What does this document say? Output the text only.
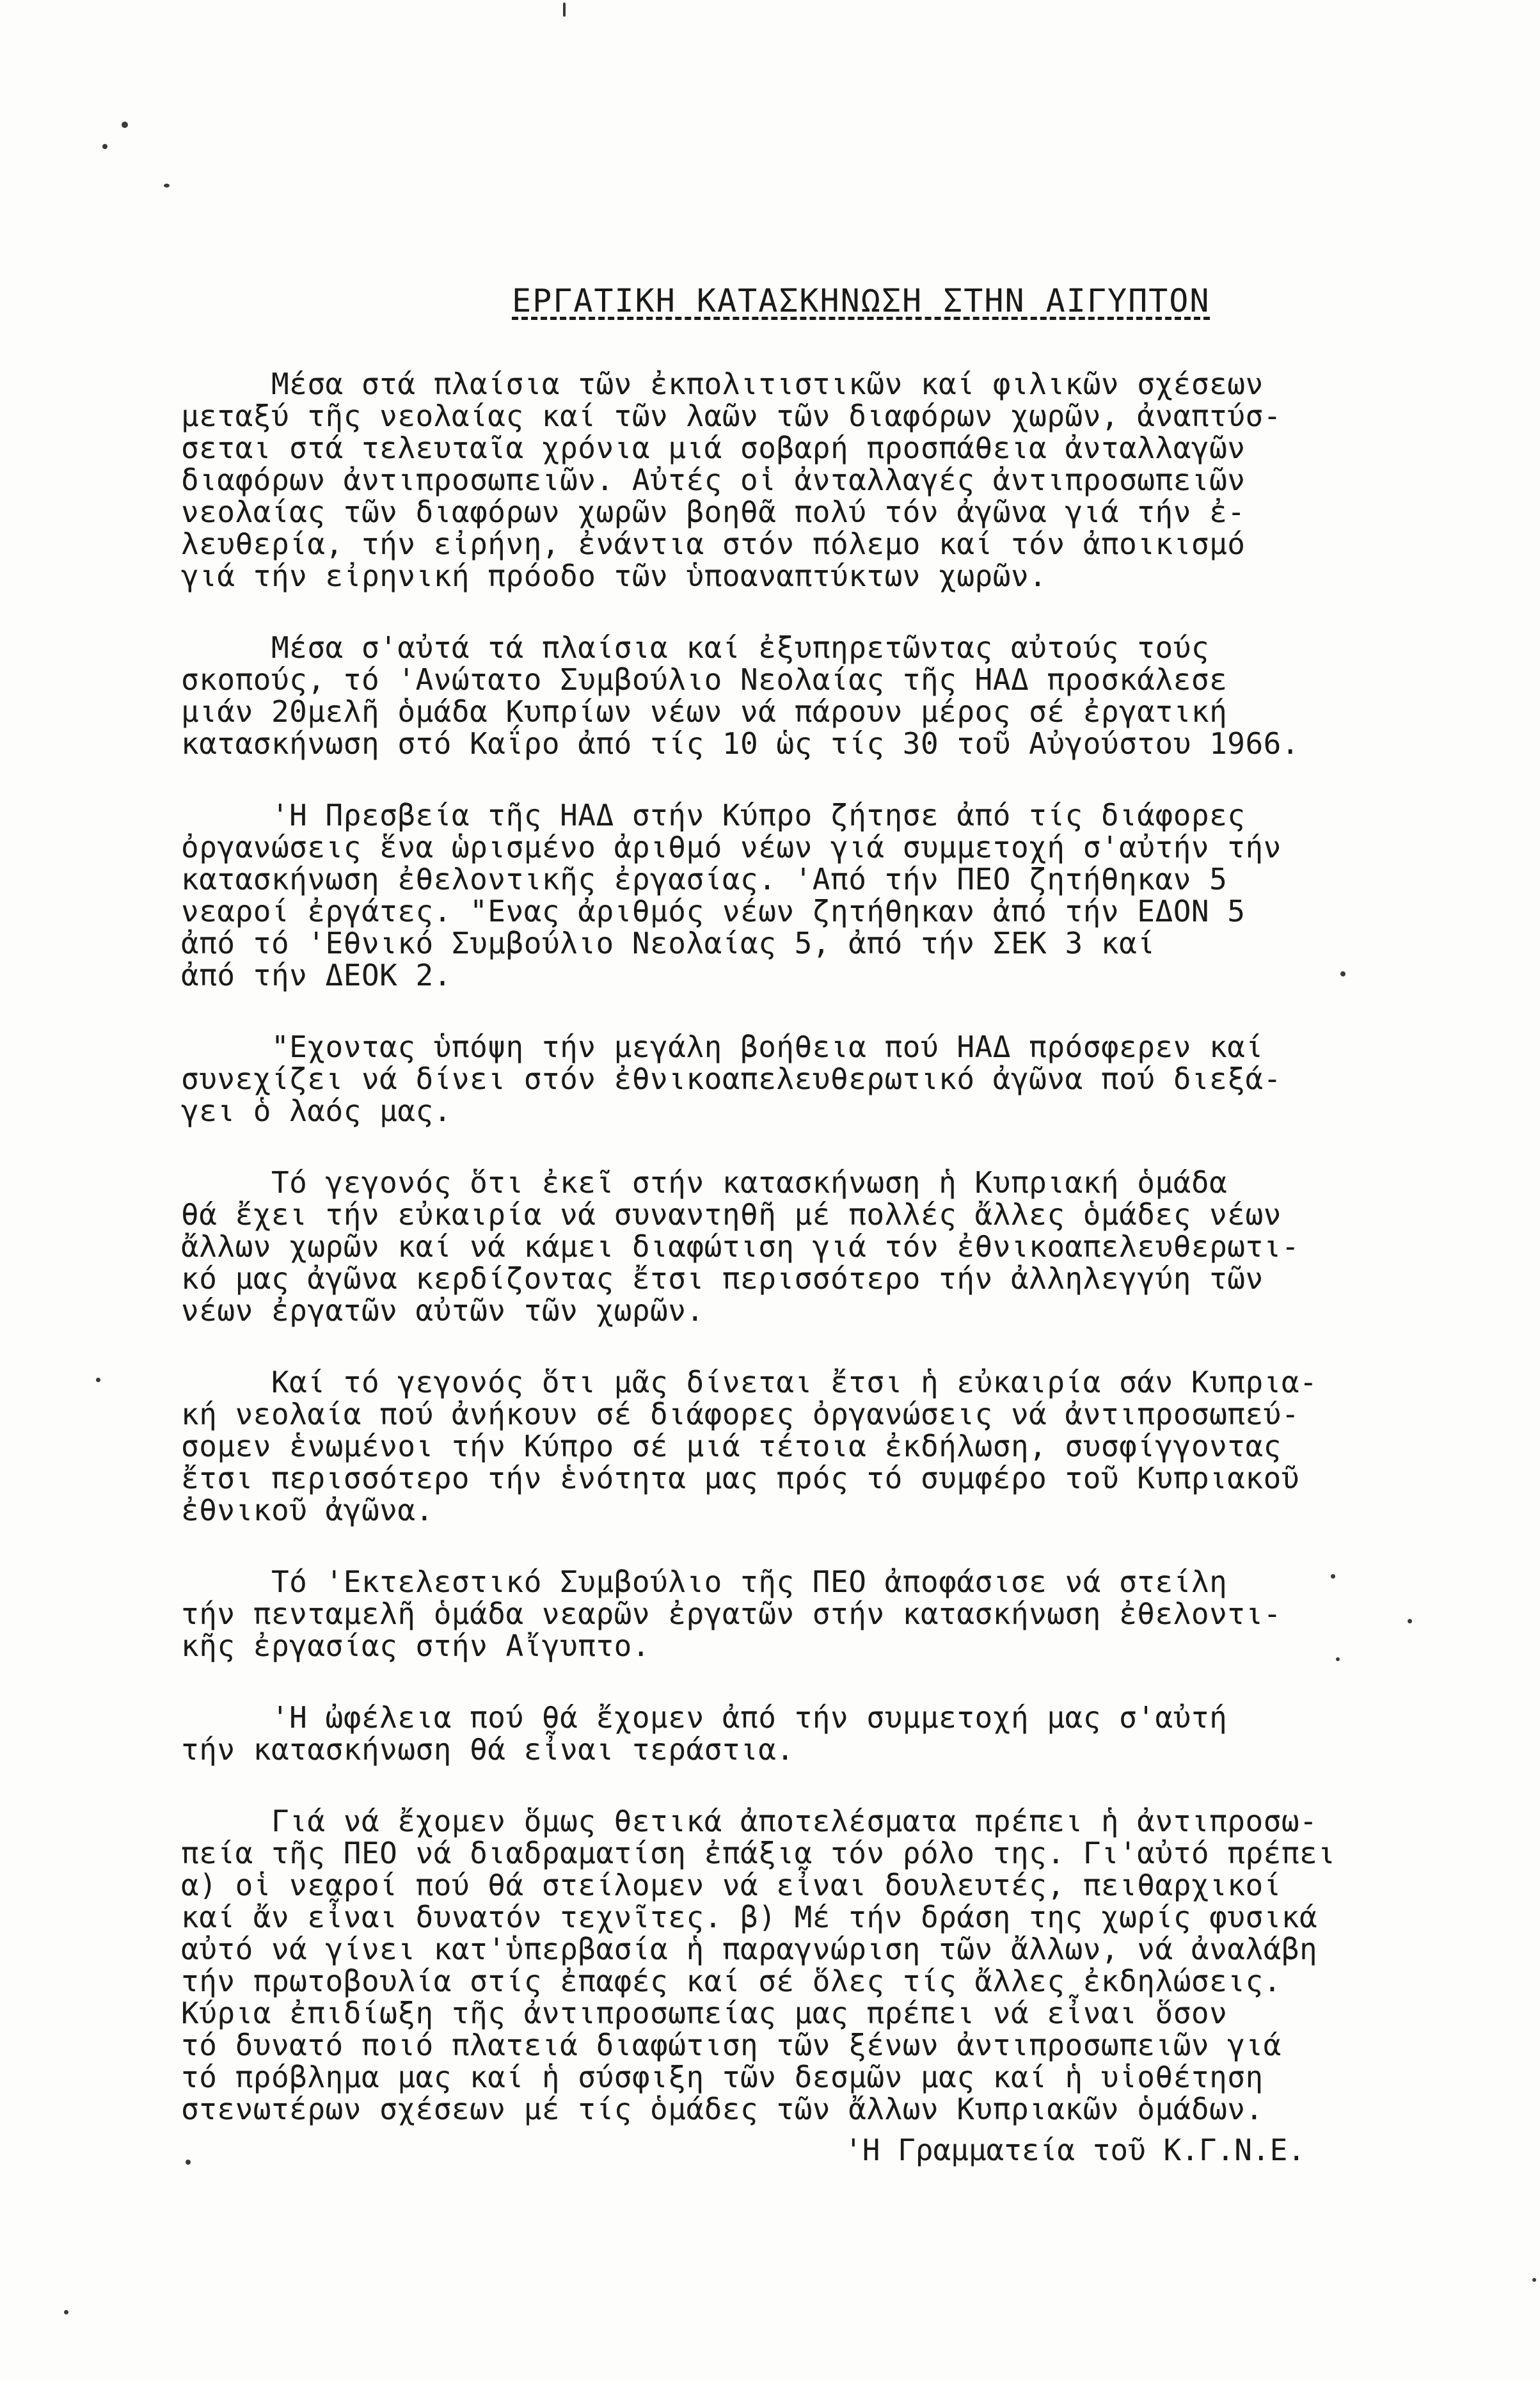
ΕΡΓΑΤΙΚΗ ΚΑΤΑΣΚΗΝΩΣΗ ΣΤΗΝ ΑΙΓΥΠΤΟΝ
Μέσα στά πλαίσια τῶν ἐκπολιτιστικῶν καί φιλικῶν σχέσεων
μεταξύ τῆς νεολαίας καί τῶν λαῶν τῶν διαφόρων χωρῶν, ἀναπτύσ-
σεται στά τελευταῖα χρόνια μιά σοβαρή προσπάθεια ἀνταλλαγῶν
διαφόρων ἀντιπροσωπειῶν. Αὐτές οἱ ἀνταλλαγές ἀντιπροσωπειῶν
νεολαίας τῶν διαφόρων χωρῶν βοηθᾶ πολύ τόν ἀγῶνα γιά τήν ἐ-
λευθερία, τήν εἰρήνη, ἐνάντια στόν πόλεμο καί τόν ἀποικισμό
γιά τήν εἰρηνική πρόοδο τῶν ὑποαναπτύκτων χωρῶν.
Μέσα σ'αὐτά τά πλαίσια καί ἐξυπηρετῶντας αὐτούς τούς
σκοπούς, τό 'Ανώτατο Συμβούλιο Νεολαίας τῆς ΗΑΔ προσκάλεσε
μιάν 20μελῆ ὁμάδα Κυπρίων νέων νά πάρουν μέρος σέ ἐργατική
κατασκήνωση στό Καΐρο ἀπό τίς 10 ὡς τίς 30 τοῦ Αὐγούστου 1966.
'Η Πρεσβεία τῆς ΗΑΔ στήν Κύπρο ζήτησε ἀπό τίς διάφορες
ὀργανώσεις ἕνα ὡρισμένο ἀριθμό νέων γιά συμμετοχή σ'αὐτήν τήν
κατασκήνωση ἐθελοντικῆς ἐργασίας. 'Από τήν ΠΕΟ ζητήθηκαν 5
νεαροί ἐργάτες. "Ενας ἀριθμός νέων ζητήθηκαν ἀπό τήν ΕΔΟΝ 5
ἀπό τό 'Εθνικό Συμβούλιο Νεολαίας 5, ἀπό τήν ΣΕΚ 3 καί
ἀπό τήν ΔΕΟΚ 2.
"Εχοντας ὑπόψη τήν μεγάλη βοήθεια πού ΗΑΔ πρόσφερεν καί
συνεχίζει νά δίνει στόν ἐθνικοαπελευθερωτικό ἀγῶνα πού διεξά-
γει ὁ λαός μας.
Τό γεγονός ὅτι ἐκεῖ στήν κατασκήνωση ἡ Κυπριακή ὁμάδα
θά ἔχει τήν εὐκαιρία νά συναντηθῆ μέ πολλές ἄλλες ὁμάδες νέων
ἄλλων χωρῶν καί νά κάμει διαφώτιση γιά τόν ἐθνικοαπελευθερωτι-
κό μας ἀγῶνα κερδίζοντας ἔτσι περισσότερο τήν ἀλληλεγγύη τῶν
νέων ἐργατῶν αὐτῶν τῶν χωρῶν.
Καί τό γεγονός ὅτι μᾶς δίνεται ἔτσι ἡ εὐκαιρία σάν Κυπρια-
κή νεολαία πού ἀνήκουν σέ διάφορες ὀργανώσεις νά ἀντιπροσωπεύ-
σομεν ἑνωμένοι τήν Κύπρο σέ μιά τέτοια ἐκδήλωση, συσφίγγοντας
ἔτσι περισσότερο τήν ἑνότητα μας πρός τό συμφέρο τοῦ Κυπριακοῦ
ἐθνικοῦ ἀγῶνα.
Τό 'Εκτελεστικό Συμβούλιο τῆς ΠΕΟ ἀποφάσισε νά στείλη
τήν πενταμελῆ ὁμάδα νεαρῶν ἐργατῶν στήν κατασκήνωση ἐθελοντι-
κῆς ἐργασίας στήν Αἴγυπτο.
'Η ὠφέλεια πού θά ἔχομεν ἀπό τήν συμμετοχή μας σ'αὐτή
τήν κατασκήνωση θά εἶναι τεράστια.
Γιά νά ἔχομεν ὅμως θετικά ἀποτελέσματα πρέπει ἡ ἀντιπροσω-
πεία τῆς ΠΕΟ νά διαδραματίση ἐπάξια τόν ρόλο της. Γι'αὐτό πρέπει
α) οἱ νεαροί πού θά στείλομεν νά εἶναι δουλευτές, πειθαρχικοί
καί ἄν εἶναι δυνατόν τεχνῖτες. β) Μέ τήν δράση της χωρίς φυσικά
αὐτό νά γίνει κατ'ὑπερβασία ἡ παραγνώριση τῶν ἄλλων, νά ἀναλάβη
τήν πρωτοβουλία στίς ἐπαφές καί σέ ὅλες τίς ἄλλες ἐκδηλώσεις.
Κύρια ἐπιδίωξη τῆς ἀντιπροσωπείας μας πρέπει νά εἶναι ὅσον
τό δυνατό ποιό πλατειά διαφώτιση τῶν ξένων ἀντιπροσωπειῶν γιά
τό πρόβλημα μας καί ἡ σύσφιξη τῶν δεσμῶν μας καί ἡ υἱοθέτηση
στενωτέρων σχέσεων μέ τίς ὁμάδες τῶν ἄλλων Κυπριακῶν ὁμάδων.
'Η Γραμματεία τοῦ Κ.Γ.Ν.Ε.
